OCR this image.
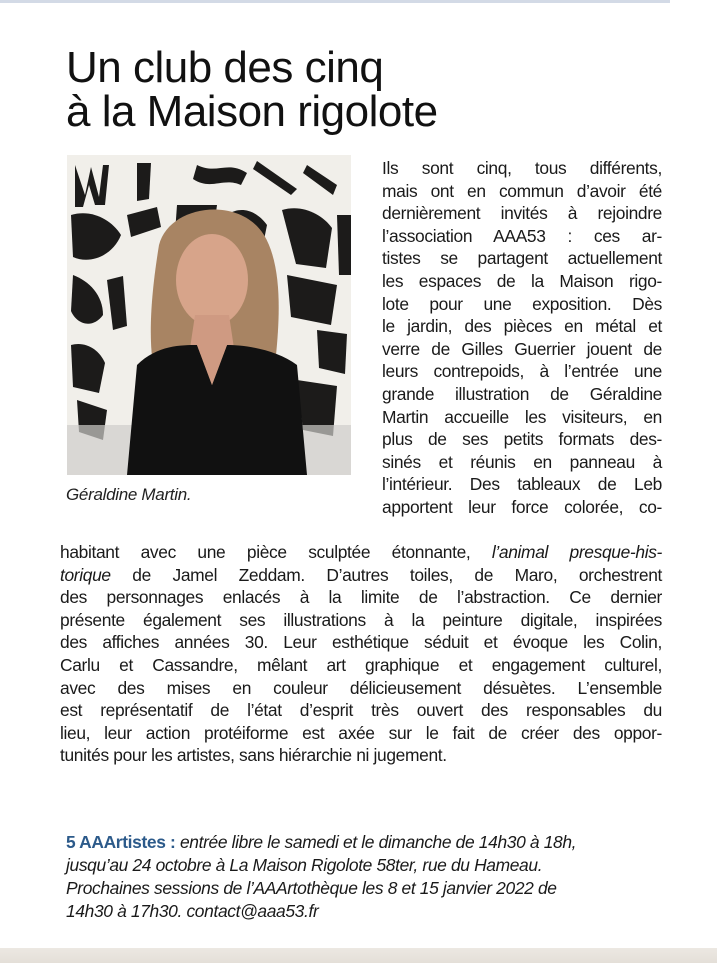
Un club des cinq
à la Maison rigolote
Géraldine Martin.
Ils sont cinq, tous différents,
mais ont en commun d’avoir été
dernièrement invités à rejoindre
l’association AAA53 : ces ar-
tistes se partagent actuellement
les espaces de la Maison rigo-
lote pour une exposition. Dès
le jardin, des pièces en métal et
verre de Gilles Guerrier jouent de
leurs contrepoids, à l’entrée une
grande illustration de Géraldine
Martin accueille les visiteurs, en
plus de ses petits formats des-
sinés et réunis en panneau à
l’intérieur. Des tableaux de Leb
apportent leur force colorée, co-
habitant avec une pièce sculptée étonnante, l’animal presque-his-
torique de Jamel Zeddam. D’autres toiles, de Maro, orchestrent
des personnages enlacés à la limite de l’abstraction. Ce dernier
présente également ses illustrations à la peinture digitale, inspirées
des affiches années 30. Leur esthétique séduit et évoque les Colin,
Carlu et Cassandre, mêlant art graphique et engagement culturel,
avec des mises en couleur délicieusement désuètes. L’ensemble
est représentatif de l’état d’esprit très ouvert des responsables du
lieu, leur action protéiforme est axée sur le fait de créer des oppor-
tunités pour les artistes, sans hiérarchie ni jugement.
5 AAArtistes : entrée libre le samedi et le dimanche de 14h30 à 18h,
jusqu’au 24 octobre à La Maison Rigolote 58ter, rue du Hameau.
Prochaines sessions de l’AAArtothèque les 8 et 15 janvier 2022 de
14h30 à 17h30. contact@aaa53.fr
